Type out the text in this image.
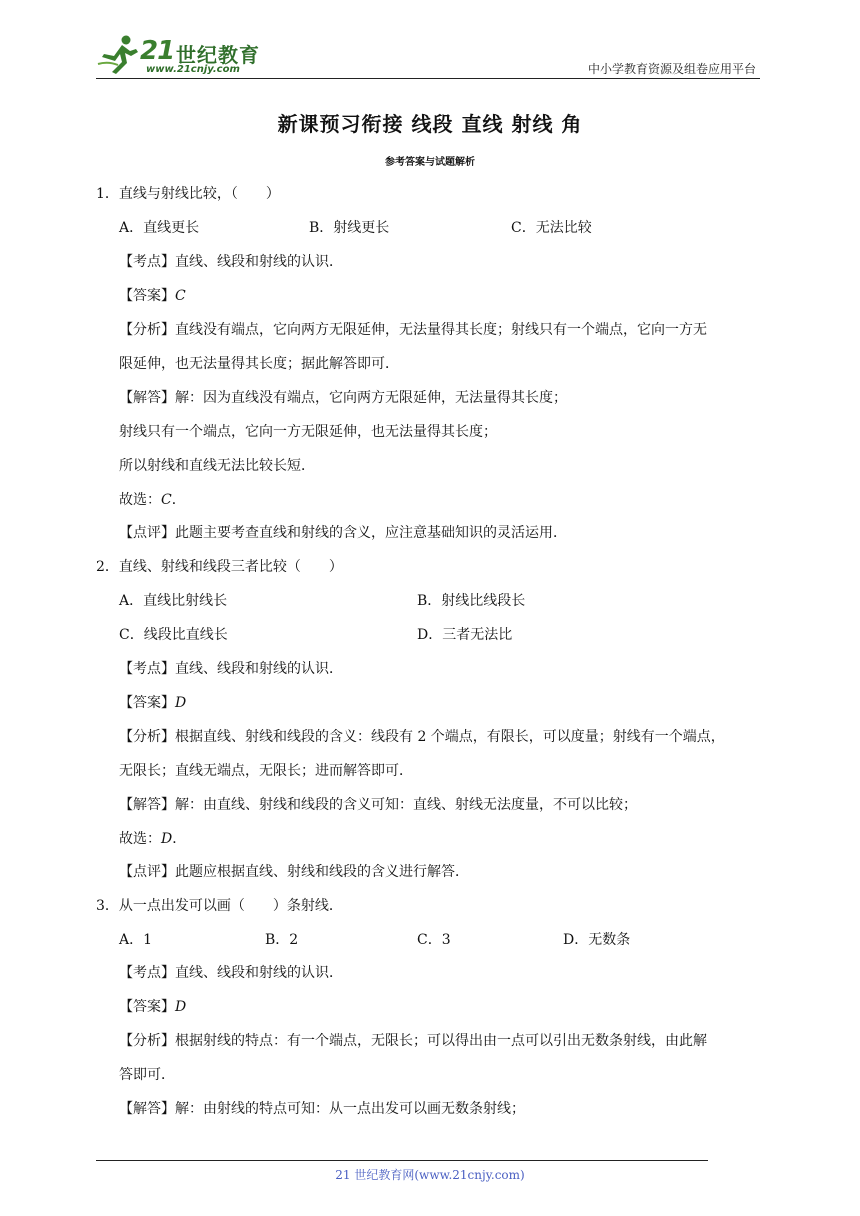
21 世纪教育
www.21cnjy.com	中小学教育资源及组卷应用平台
新课预习衔接 线段 直线 射线 角
参考答案与试题解析
1．直线与射线比较，（　　）
A．直线更长	B．射线更长	C．无法比较
【考点】直线、线段和射线的认识．
【答案】C
【分析】直线没有端点，它向两方无限延伸，无法量得其长度；射线只有一个端点，它向一方无
限延伸，也无法量得其长度；据此解答即可．
【解答】解：因为直线没有端点，它向两方无限延伸，无法量得其长度；
射线只有一个端点，它向一方无限延伸，也无法量得其长度；
所以射线和直线无法比较长短．
故选：C．
【点评】此题主要考查直线和射线的含义，应注意基础知识的灵活运用．
2．直线、射线和线段三者比较（　　）
A．直线比射线长	B．射线比线段长
C．线段比直线长	D．三者无法比
【考点】直线、线段和射线的认识．
【答案】D
【分析】根据直线、射线和线段的含义：线段有 2 个端点，有限长，可以度量；射线有一个端点，
无限长；直线无端点，无限长；进而解答即可．
【解答】解：由直线、射线和线段的含义可知：直线、射线无法度量，不可以比较；
故选：D．
【点评】此题应根据直线、射线和线段的含义进行解答．
3．从一点出发可以画（　　）条射线．
A．1	B．2	C．3	D．无数条
【考点】直线、线段和射线的认识．
【答案】D
【分析】根据射线的特点：有一个端点，无限长；可以得出由一点可以引出无数条射线，由此解
答即可．
【解答】解：由射线的特点可知：从一点出发可以画无数条射线；
21 世纪教育网(www.21cnjy.com)
